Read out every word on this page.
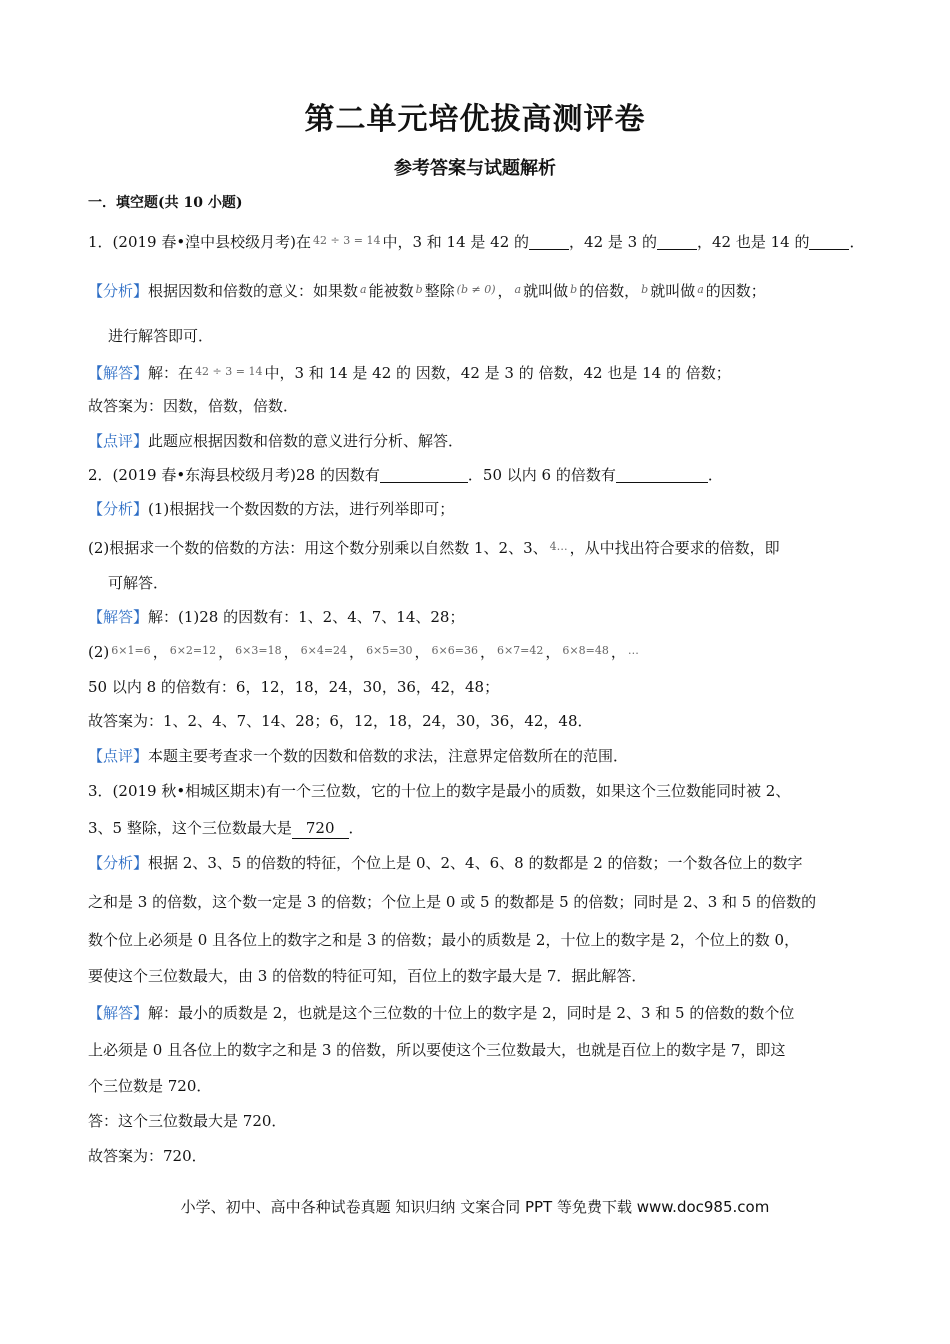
第二单元培优拔高测评卷
参考答案与试题解析
一．填空题(共 10 小题)
1．(2019 春•湟中县校级月考)在 $^{42 \div 3 = 14}$ 中，3 和 14 是 42 的	，42 是 3 的	，42 也是 14 的	．
【分析】根据因数和倍数的意义：如果数 $^a$ 能被数 $^b$ 整除 $^{(b \ne 0)}$ ， $^a$ 就叫做 $^b$ 的倍数， $^b$ 就叫做 $^a$ 的因数；
进行解答即可．
【解答】解：在 $^{42 \div 3 = 14}$ 中，3 和 14 是 42 的 因数，42 是 3 的 倍数，42 也是 14 的 倍数；
故答案为：因数，倍数，倍数．
【点评】此题应根据因数和倍数的意义进行分析、解答．
2．(2019 春•东海县校级月考)28 的因数有	．50 以内 6 的倍数有	．
【分析】(1)根据找一个数因数的方法，进行列举即可；
(2)根据求一个数的倍数的方法：用这个数分别乘以自然数 1、2、3、 $^{4\dots}$ ，从中找出符合要求的倍数，即
可解答．
【解答】解：(1)28 的因数有：1、2、4、7、14、28；
(2) $^{6\times 1=6}$ ， $^{6\times 2=12}$ ， $^{6\times 3=18}$ ， $^{6\times 4=24}$ ， $^{6\times 5=30}$ ， $^{6\times 6=36}$ ， $^{6\times 7=42}$ ， $^{6\times 8=48}$ ， …
50 以内 8 的倍数有：6，12，18，24，30，36，42，48；
故答案为：1、2、4、7、14、28；6，12，18，24，30，36，42，48．
【点评】本题主要考查求一个数的因数和倍数的求法，注意界定倍数所在的范围．
3．(2019 秋•相城区期末)有一个三位数，它的十位上的数字是最小的质数，如果这个三位数能同时被 2、
3、5 整除，这个三位数最大是 720 ．
【分析】根据 2、3、5 的倍数的特征，个位上是 0、2、4、6、8 的数都是 2 的倍数；一个数各位上的数字
之和是 3 的倍数，这个数一定是 3 的倍数；个位上是 0 或 5 的数都是 5 的倍数；同时是 2、3 和 5 的倍数的
数个位上必须是 0 且各位上的数字之和是 3 的倍数；最小的质数是 2，十位上的数字是 2，个位上的数 0，
要使这个三位数最大，由 3 的倍数的特征可知，百位上的数字最大是 7．据此解答．
【解答】解：最小的质数是 2，也就是这个三位数的十位上的数字是 2，同时是 2、3 和 5 的倍数的数个位
上必须是 0 且各位上的数字之和是 3 的倍数，所以要使这个三位数最大，也就是百位上的数字是 7，即这
个三位数是 720．
答：这个三位数最大是 720．
故答案为：720．
小学、初中、高中各种试卷真题 知识归纳 文案合同 PPT 等免费下载 www.doc985.com
